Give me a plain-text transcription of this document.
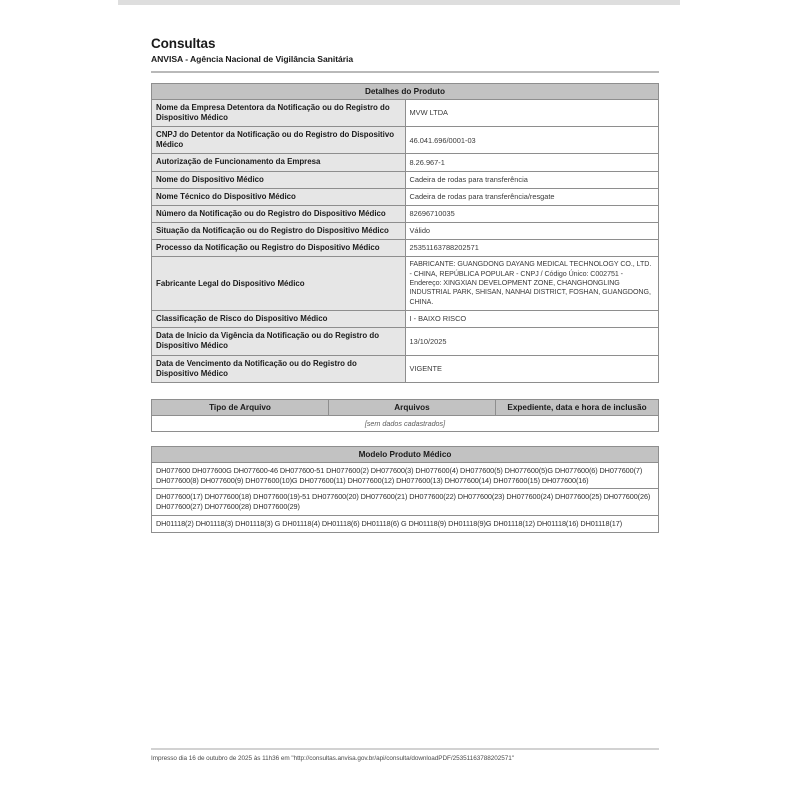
Consultas
ANVISA - Agência Nacional de Vigilância Sanitária
Detalhes do Produto	
Nome da Empresa Detentora da Notificação ou do Registro do Dispositivo Médico	MVW LTDA
CNPJ do Detentor da Notificação ou do Registro do Dispositivo Médico	46.041.696/0001-03
Autorização de Funcionamento da Empresa	8.26.967-1
Nome do Dispositivo Médico	Cadeira de rodas para transferência
Nome Técnico do Dispositivo Médico	Cadeira de rodas para transferência/resgate
Número da Notificação ou do Registro do Dispositivo Médico	82696710035
Situação da Notificação ou do Registro do Dispositivo Médico	Válido
Processo da Notificação ou Registro do Dispositivo Médico	25351163788202571
Fabricante Legal do Dispositivo Médico	FABRICANTE: GUANGDONG DAYANG MEDICAL TECHNOLOGY CO., LTD. - CHINA, REPÚBLICA POPULAR - CNPJ / Código Único: C002751 - Endereço: XINGXIAN DEVELOPMENT ZONE, CHANGHONGLING INDUSTRIAL PARK, SHISAN, NANHAI DISTRICT, FOSHAN, GUANGDONG, CHINA.
Classificação de Risco do Dispositivo Médico	I - BAIXO RISCO
Data de Inicio da Vigência da Notificação ou do Registro do Dispositivo Médico	13/10/2025
Data de Vencimento da Notificação ou do Registro do Dispositivo Médico	VIGENTE
Tipo de Arquivo	Arquivos	Expediente, data e hora de inclusão
[sem dados cadastrados]
Modelo Produto Médico
DH077600 DH077600G DH077600-46 DH077600-51 DH077600(2) DH077600(3) DH077600(4) DH077600(5) DH077600(5)G DH077600(6) DH077600(7) DH077600(8) DH077600(9) DH077600(10)G DH077600(11) DH077600(12) DH077600(13) DH077600(14) DH077600(15) DH077600(16)
DH077600(17) DH077600(18) DH077600(19)-51 DH077600(20) DH077600(21) DH077600(22) DH077600(23) DH077600(24) DH077600(25) DH077600(26) DH077600(27) DH077600(28) DH077600(29)
DH01118(2) DH01118(3) DH01118(3) G DH01118(4) DH01118(6) DH01118(6) G DH01118(9) DH01118(9)G DH01118(12) DH01118(16) DH01118(17)
Impresso dia 16 de outubro de 2025 às 11h36 em "http://consultas.anvisa.gov.br/api/consulta/downloadPDF/25351163788202571"
